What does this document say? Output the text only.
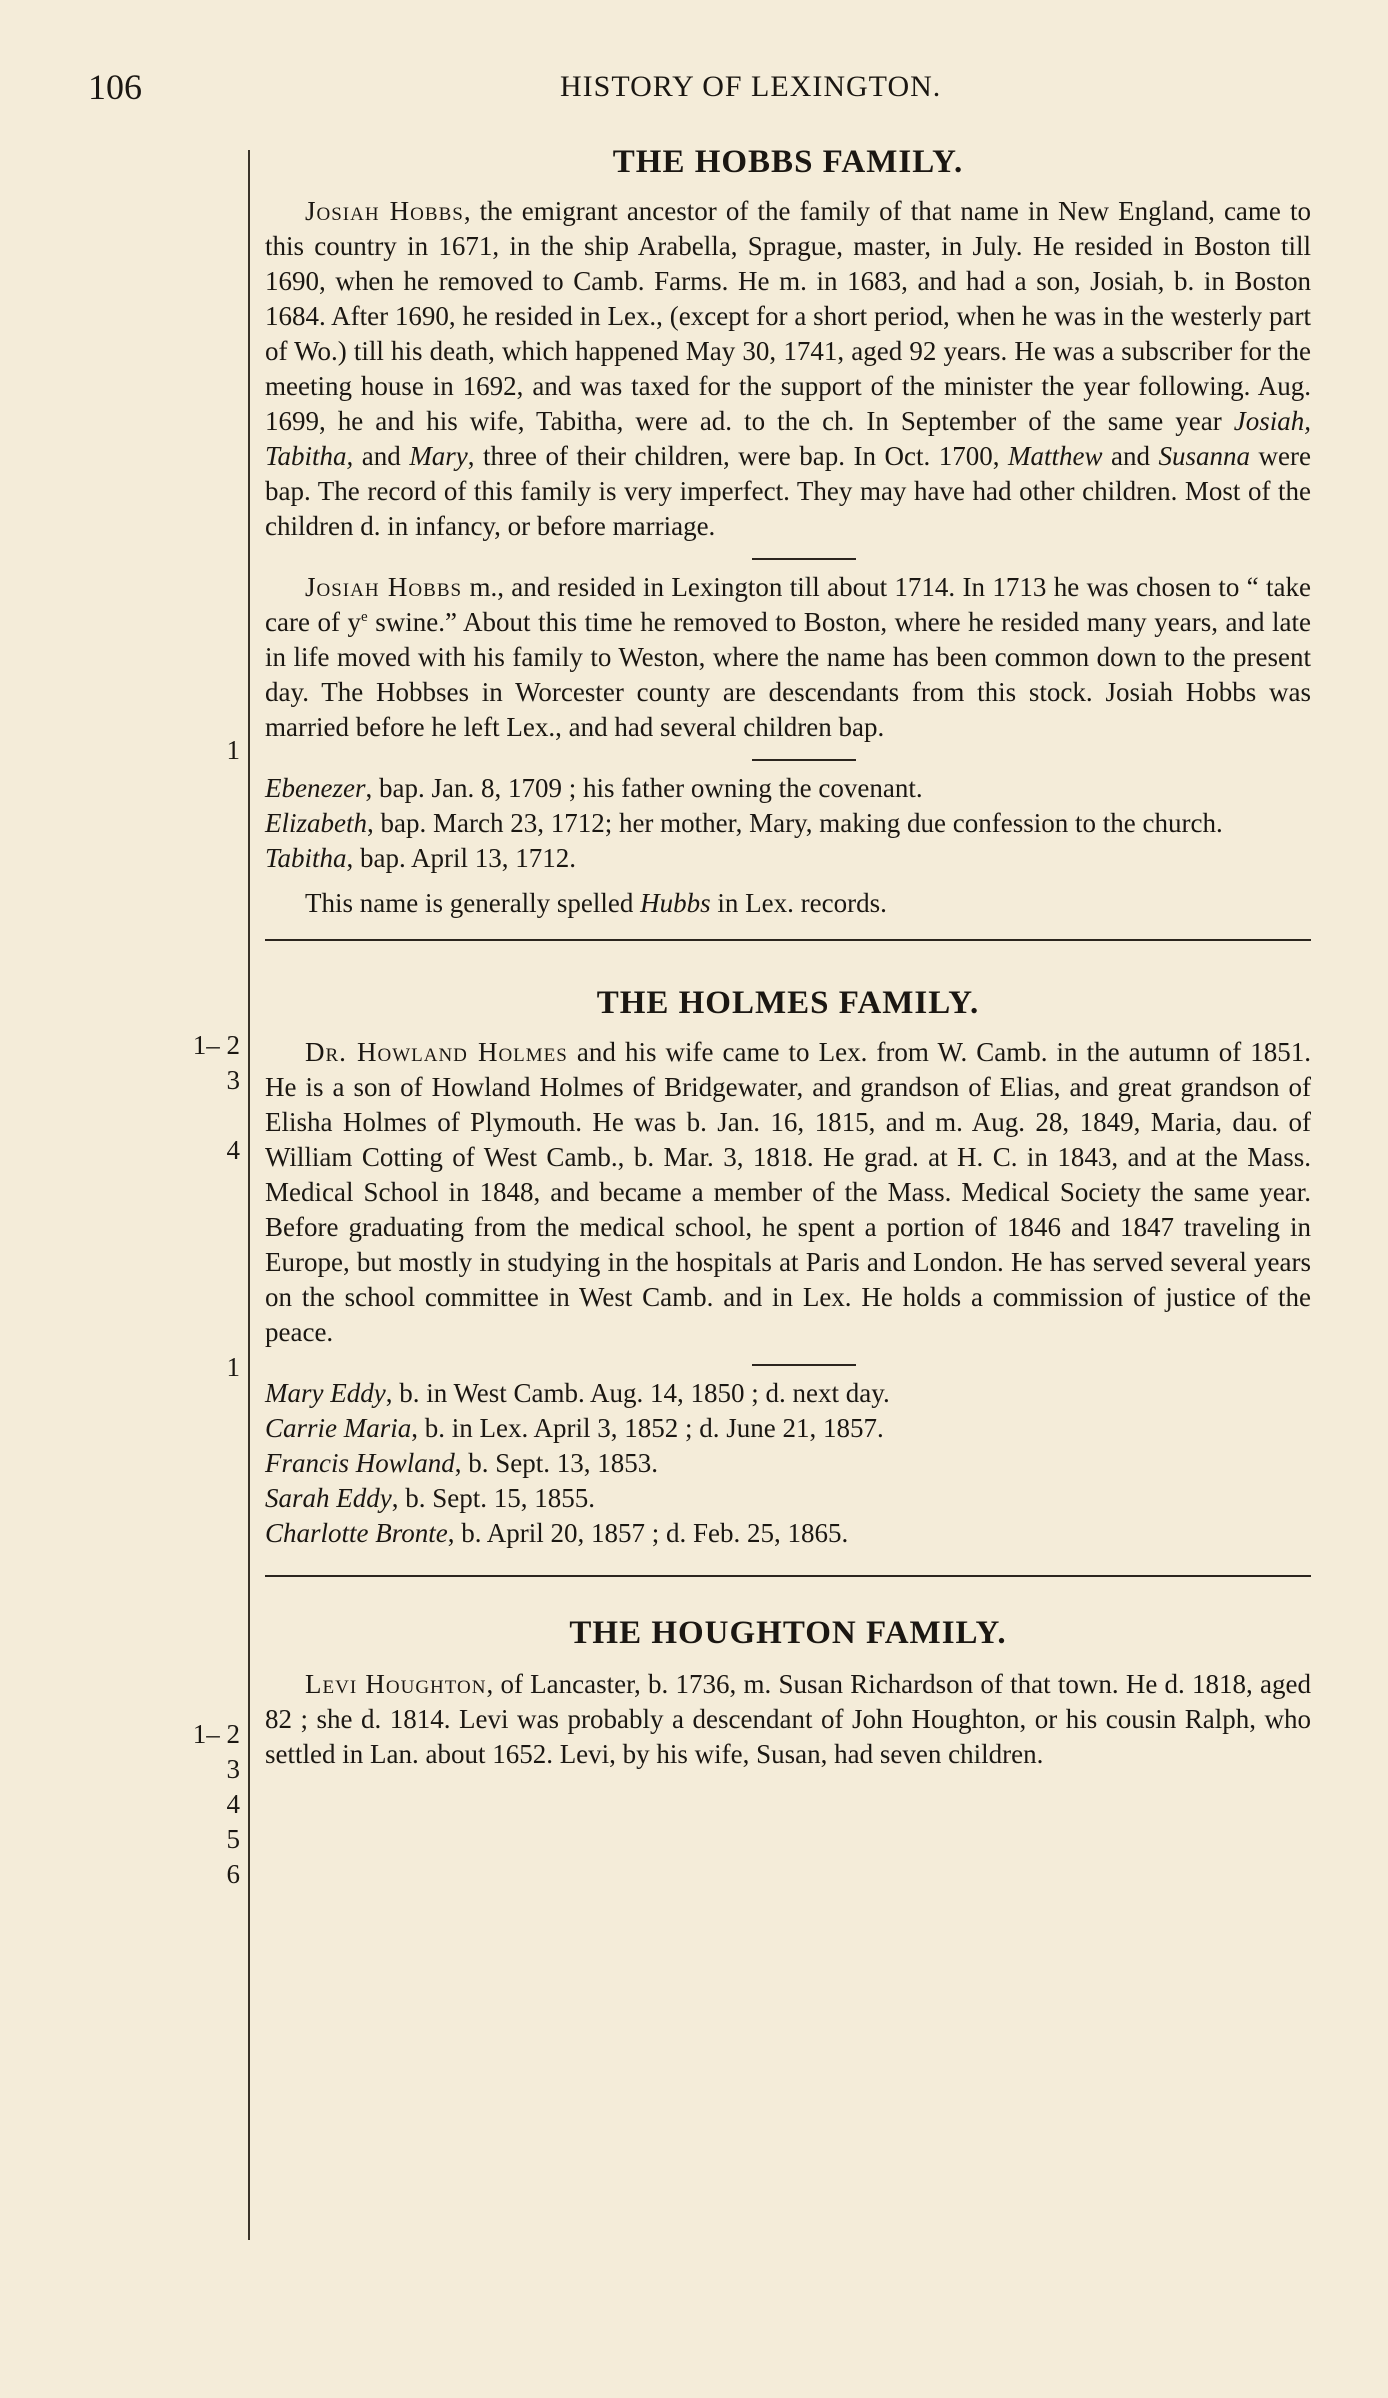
106	HISTORY OF LEXINGTON.
1
1– 2
3
4
1
1– 2
3
4
5
6
THE HOBBS FAMILY.

Josiah Hobbs, the emigrant ancestor of the family of that name in New England, came to this country in 1671, in the ship Arabella, Sprague, master, in July. He resided in Boston till 1690, when he removed to Camb. Farms. He m. in 1683, and had a son, Josiah, b. in Boston 1684. After 1690, he resided in Lex., (except for a short period, when he was in the westerly part of Wo.) till his death, which happened May 30, 1741, aged 92 years. He was a subscriber for the meeting house in 1692, and was taxed for the support of the minister the year following. Aug. 1699, he and his wife, Tabitha, were ad. to the ch. In September of the same year Josiah, Tabitha, and Mary, three of their children, were bap. In Oct. 1700, Matthew and Susanna were bap. The record of this family is very imperfect. They may have had other children. Most of the children d. in infancy, or before marriage.

Josiah Hobbs m., and resided in Lexington till about 1714. In 1713 he was chosen to “ take care of $y^e$ swine.” About this time he removed to Boston, where he resided many years, and late in life moved with his family to Weston, where the name has been common down to the present day. The Hobbses in Worcester county are descendants from this stock. Josiah Hobbs was married before he left Lex., and had several children bap.

Ebenezer, bap. Jan. 8, 1709 ; his father owning the covenant.
Elizabeth, bap. March 23, 1712; her mother, Mary, making due confession to the church.
Tabitha, bap. April 13, 1712.

This name is generally spelled Hubbs in Lex. records.

THE HOLMES FAMILY.

Dr. Howland Holmes and his wife came to Lex. from W. Camb. in the autumn of 1851. He is a son of Howland Holmes of Bridgewater, and grandson of Elias, and great grandson of Elisha Holmes of Plymouth. He was b. Jan. 16, 1815, and m. Aug. 28, 1849, Maria, dau. of William Cotting of West Camb., b. Mar. 3, 1818. He grad. at H. C. in 1843, and at the Mass. Medical School in 1848, and became a member of the Mass. Medical Society the same year. Before graduating from the medical school, he spent a portion of 1846 and 1847 traveling in Europe, but mostly in studying in the hospitals at Paris and London. He has served several years on the school committee in West Camb. and in Lex. He holds a commission of justice of the peace.

Mary Eddy, b. in West Camb. Aug. 14, 1850 ; d. next day.
Carrie Maria, b. in Lex. April 3, 1852 ; d. June 21, 1857.
Francis Howland, b. Sept. 13, 1853.
Sarah Eddy, b. Sept. 15, 1855.
Charlotte Bronte, b. April 20, 1857 ; d. Feb. 25, 1865.
THE HOUGHTON FAMILY.

Levi Houghton, of Lancaster, b. 1736, m. Susan Richardson of that town. He d. 1818, aged 82 ; she d. 1814. Levi was probably a descendant of John Houghton, or his cousin Ralph, who settled in Lan. about 1652. Levi, by his wife, Susan, had seven children.
